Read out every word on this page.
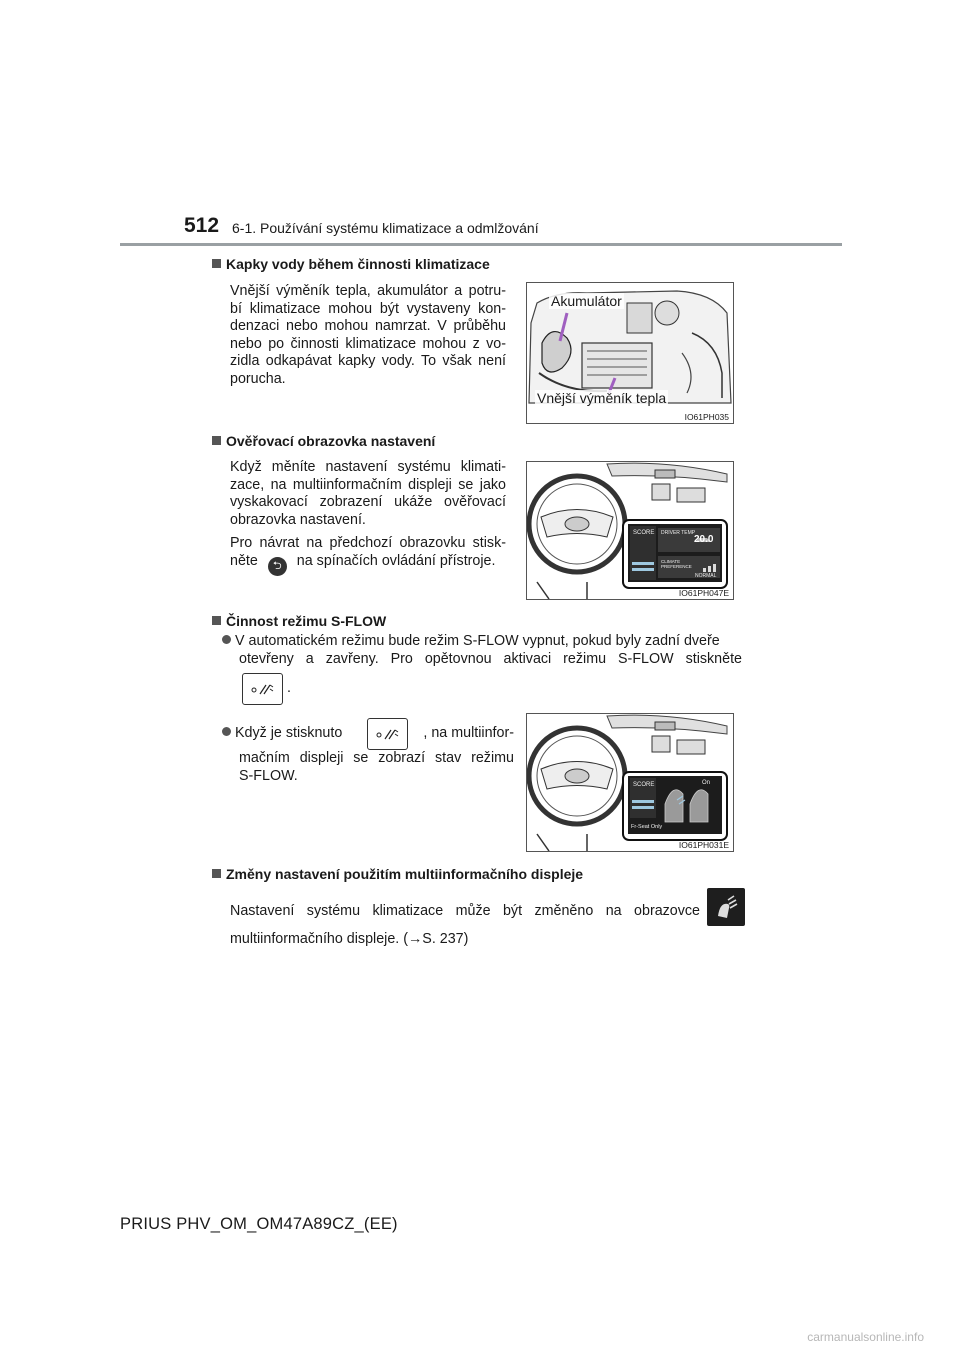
512 6-1. Používání systému klimatizace a odmlžování
Kapky vody během činnosti klimatizace
Vnější výměník tepla, akumulátor a potru-
bí klimatizace mohou být vystaveny kon-
denzaci nebo mohou namrzat. V průběhu
nebo po činnosti klimatizace mohou z vo-
zidla odkapávat kapky vody. To však není
porucha.
Akumulátor
Vnější výměník tepla
IO61PH035
Ověřovací obrazovka nastavení
Když měníte nastavení systému klimati-
zace, na multiinformačním displeji se jako
vyskakovací zobrazení ukáže ověřovací
obrazovka nastavení.
Pro návrat na předchozí obrazovku stisk-
něte ⮌ na spínačích ovládání přístroje.
SCORE DRIVER TEMP
20.0
CLIMATE PREFERENCE
NORMAL
IO61PH047E
Činnost režimu S-FLOW
V automatickém režimu bude režim S-FLOW vypnut, pokud byly zadní dveře
otevřeny a zavřeny. Pro opětovnou aktivaci režimu S-FLOW stiskněte
.
Když je stisknuto	, na multiinfor-
mačním displeji se zobrazí stav režimu
S-FLOW.
SCORE	On
Fr-Seat Only
IO61PH031E
Změny nastavení použitím multiinformačního displeje
Nastavení systému klimatizace může být změněno na obrazovce
multiinformačního displeje. (→S. 237)
PRIUS PHV_OM_OM47A89CZ_(EE)
carmanualsonline.info
